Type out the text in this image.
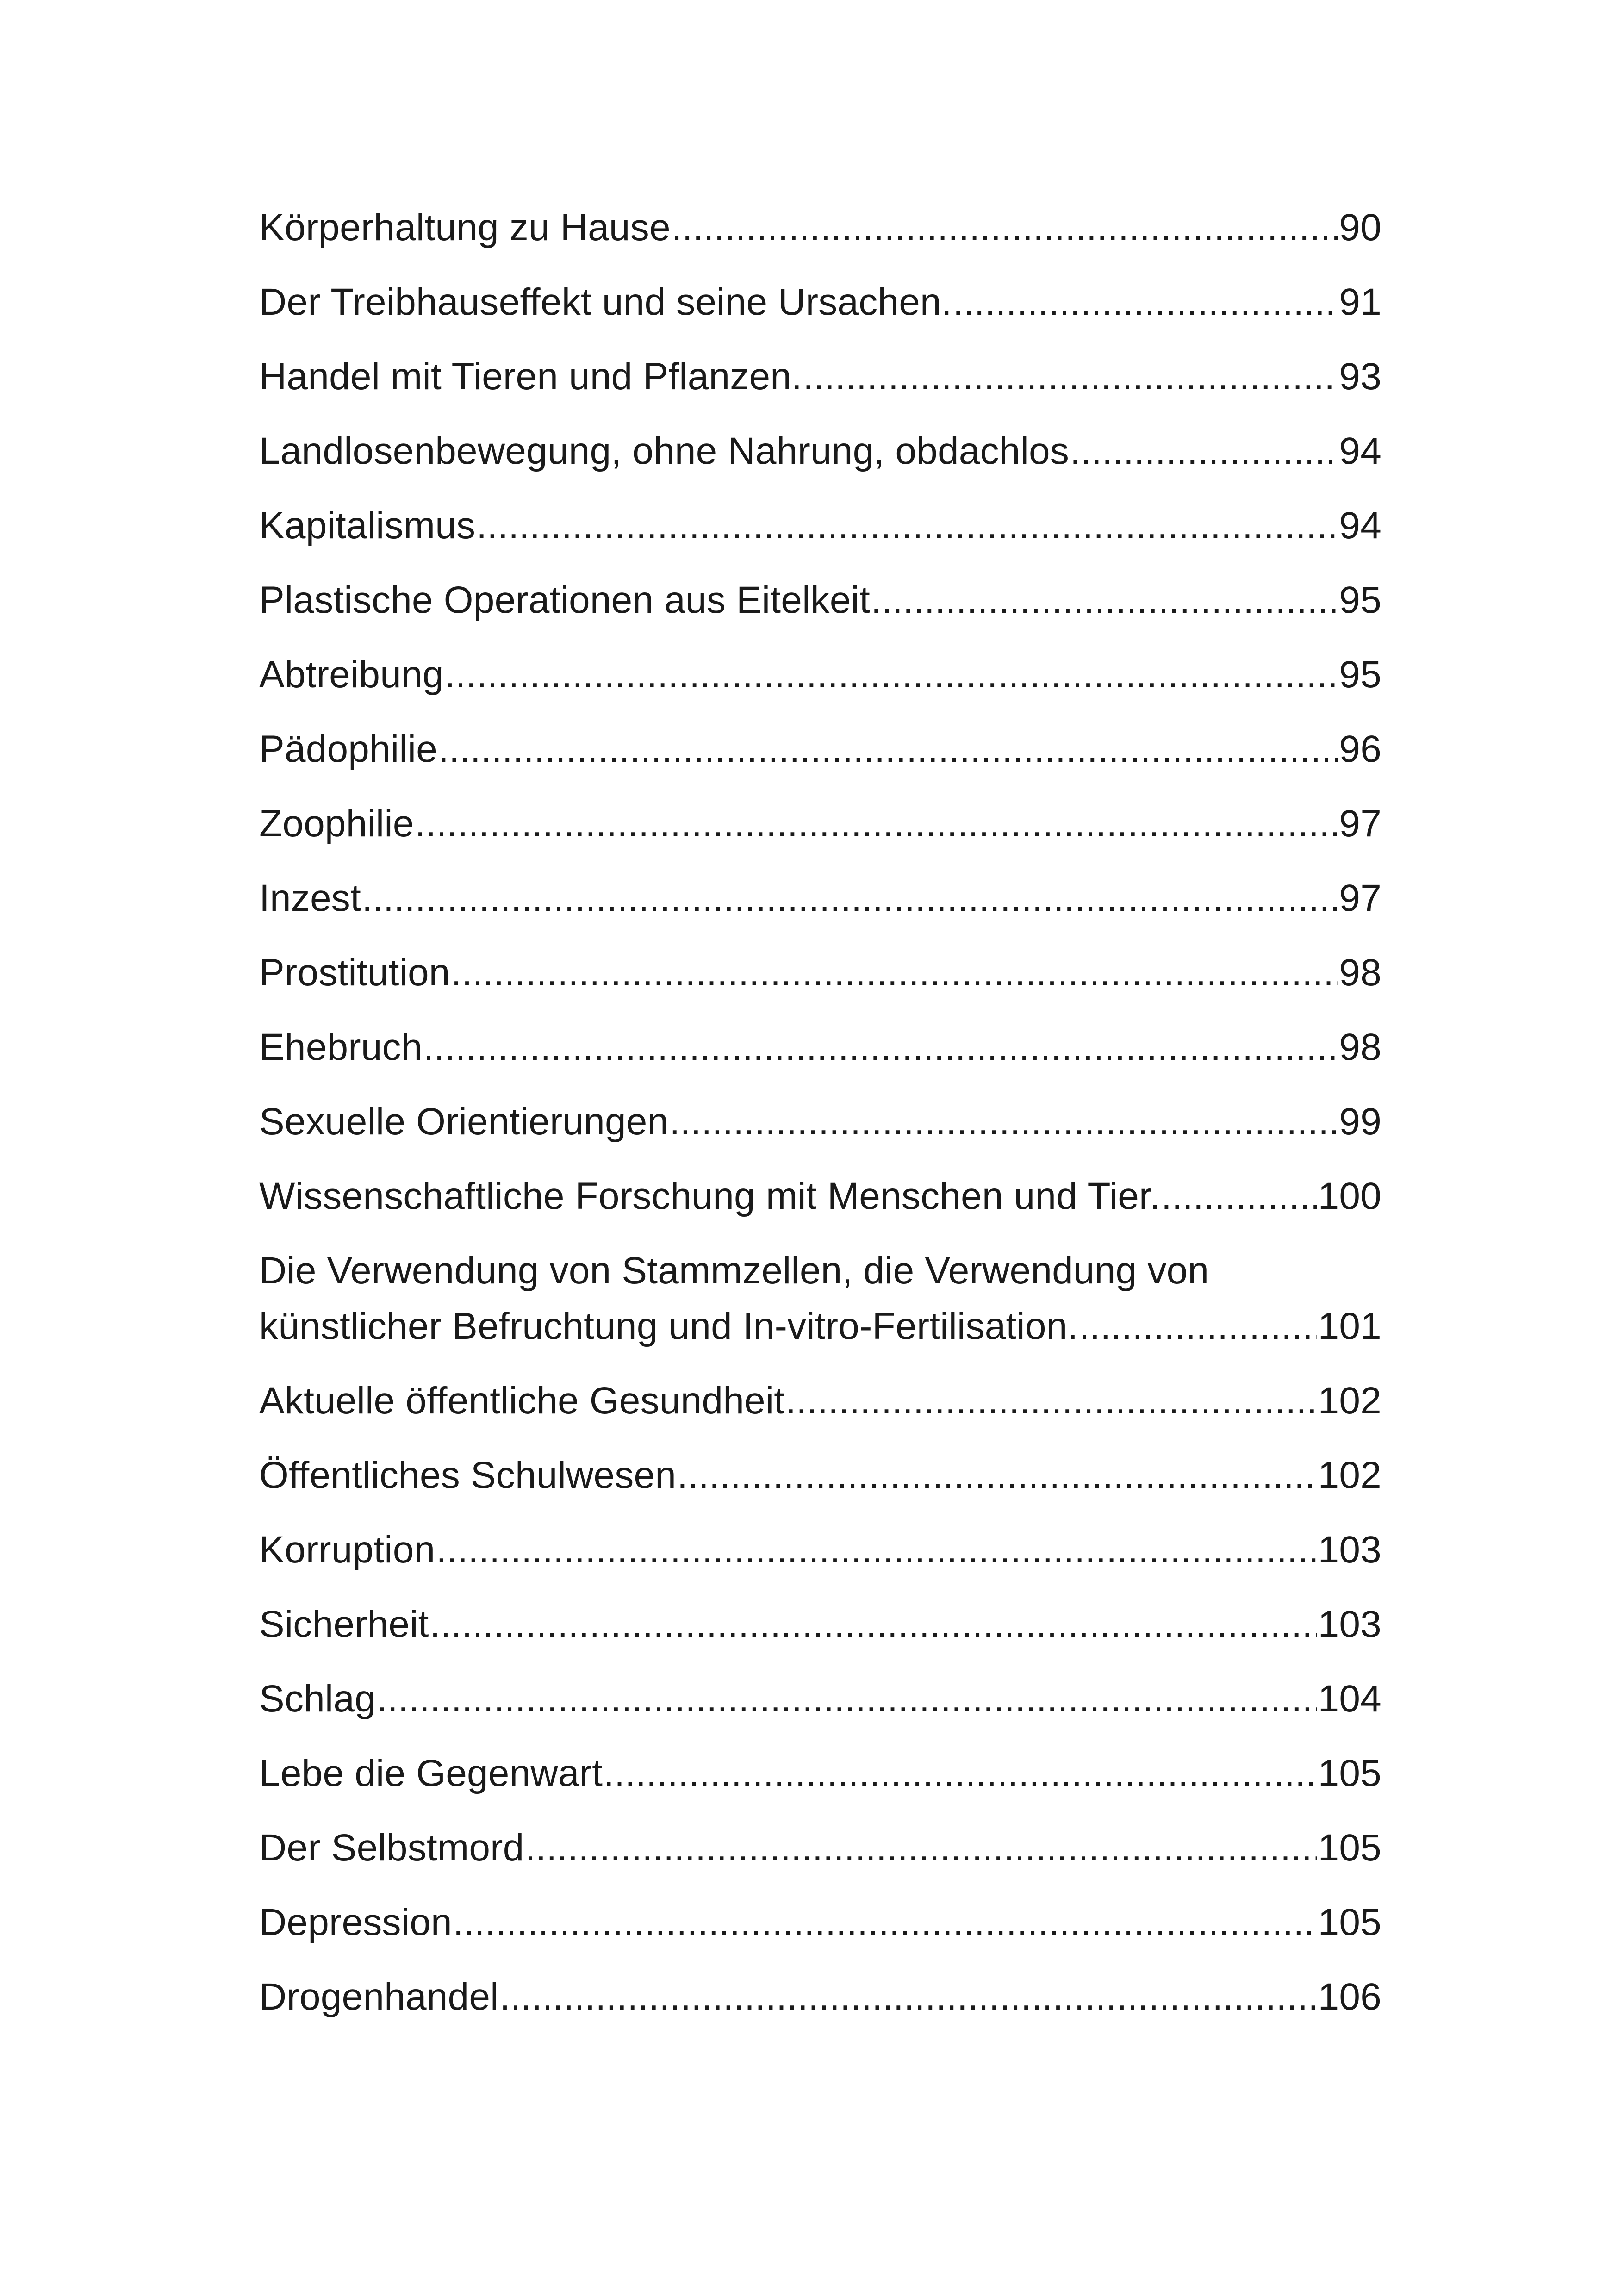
Körperhaltung zu Hause .....	90
Der Treibhauseffekt und seine Ursachen. .....	91
Handel mit Tieren und Pflanzen. .....	93
Landlosenbewegung, ohne Nahrung, obdachlos .....	94
Kapitalismus .....	94
Plastische Operationen aus Eitelkeit .....	95
Abtreibung .....	95
Pädophilie .....	96
Zoophilie .....	97
Inzest .....	97
Prostitution .....	98
Ehebruch .....	98
Sexuelle Orientierungen .....	99
Wissenschaftliche Forschung mit Menschen und Tier. .....	100
Die Verwendung von Stammzellen, die Verwendung von
künstlicher Befruchtung und In-vitro-Fertilisation. .....	101
Aktuelle öffentliche Gesundheit .....	102
Öffentliches Schulwesen .....	102
Korruption .....	103
Sicherheit .....	103
Schlag .....	104
Lebe die Gegenwart .....	105
Der Selbstmord .....	105
Depression .....	105
Drogenhandel .....	106
